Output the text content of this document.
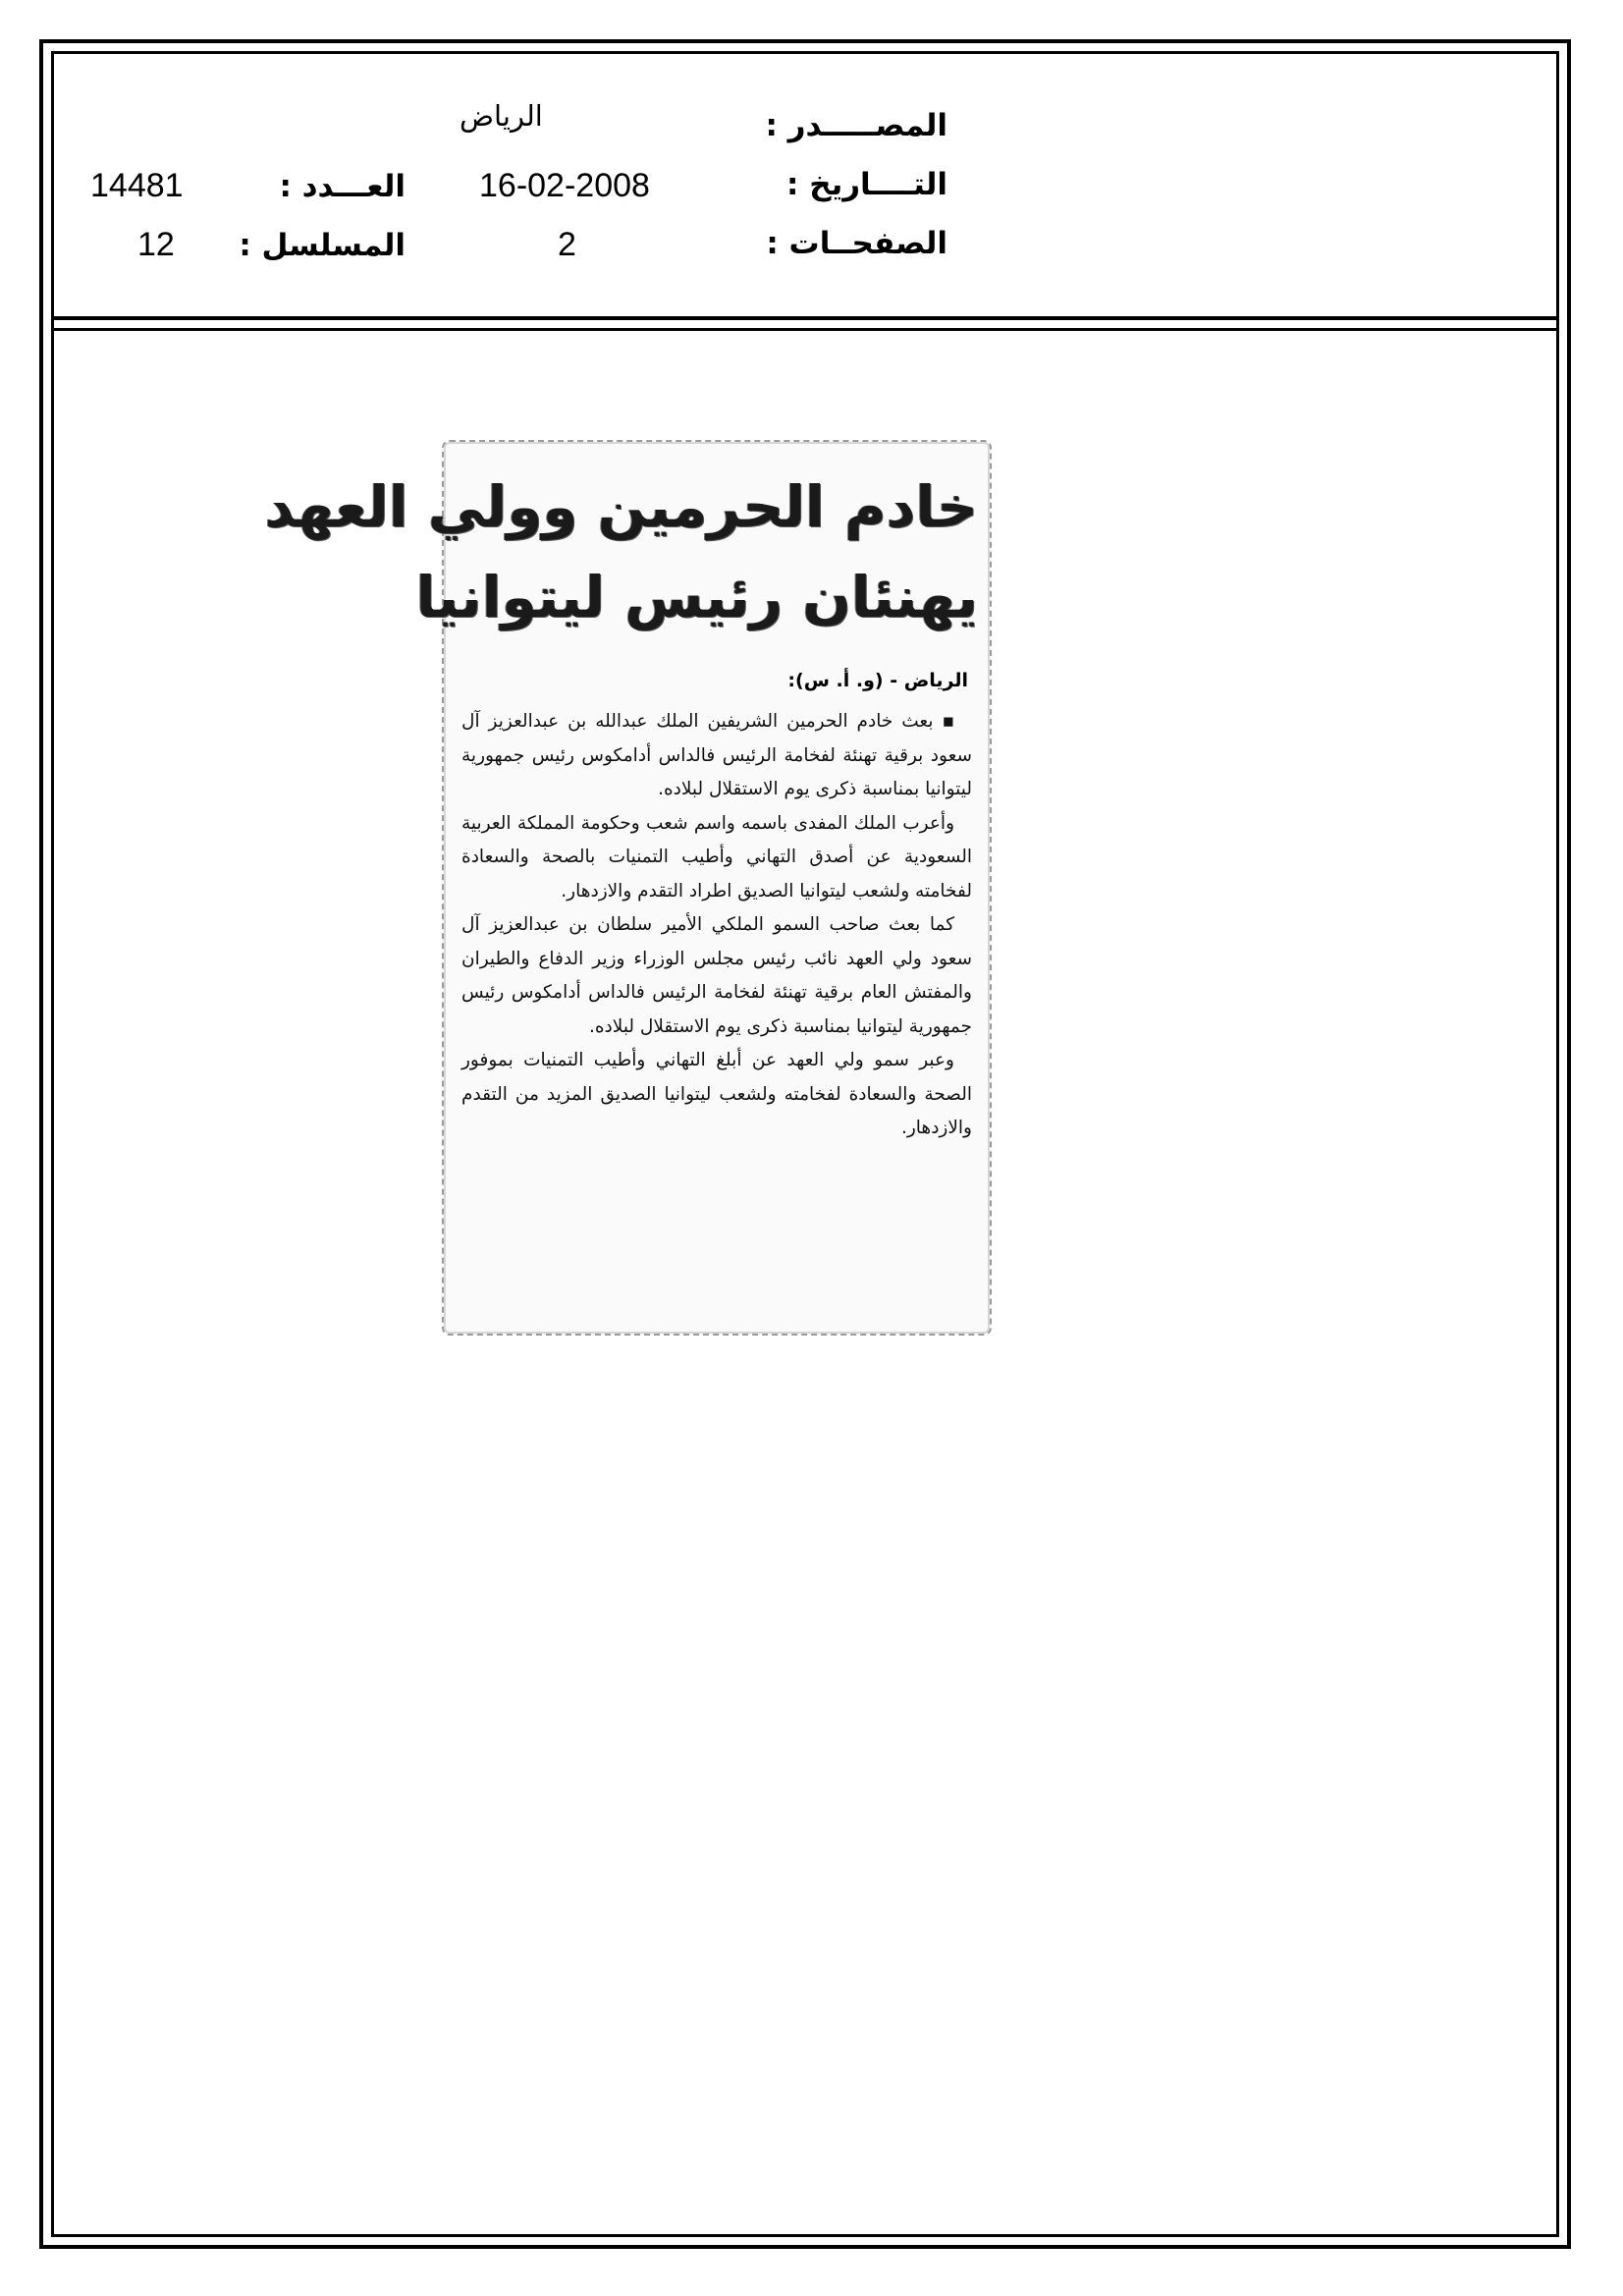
المصـــــدر :
الرياض
التــــاريخ :
16-02-2008
العـــدد :
14481
الصفحــات :
2
المسلسل :
12
خادم الحرمين وولي العهد
يهنئان رئيس ليتوانيا
الرياض - (و. أ. س):

▪ بعث خادم الحرمين الشريفين الملك عبدالله بن عبدالعزيز آل سعود برقية تهنئة لفخامة الرئيس فالداس أدامكوس رئيس جمهورية ليتوانيا بمناسبة ذكرى يوم الاستقلال لبلاده.

وأعرب الملك المفدى باسمه واسم شعب وحكومة المملكة العربية السعودية عن أصدق التهاني وأطيب التمنيات بالصحة والسعادة لفخامته ولشعب ليتوانيا الصديق اطراد التقدم والازدهار.

كما بعث صاحب السمو الملكي الأمير سلطان بن عبدالعزيز آل سعود ولي العهد نائب رئيس مجلس الوزراء وزير الدفاع والطيران والمفتش العام برقية تهنئة لفخامة الرئيس فالداس أدامكوس رئيس جمهورية ليتوانيا بمناسبة ذكرى يوم الاستقلال لبلاده.

وعبر سمو ولي العهد عن أبلغ التهاني وأطيب التمنيات بموفور الصحة والسعادة لفخامته ولشعب ليتوانيا الصديق المزيد من التقدم والازدهار.
